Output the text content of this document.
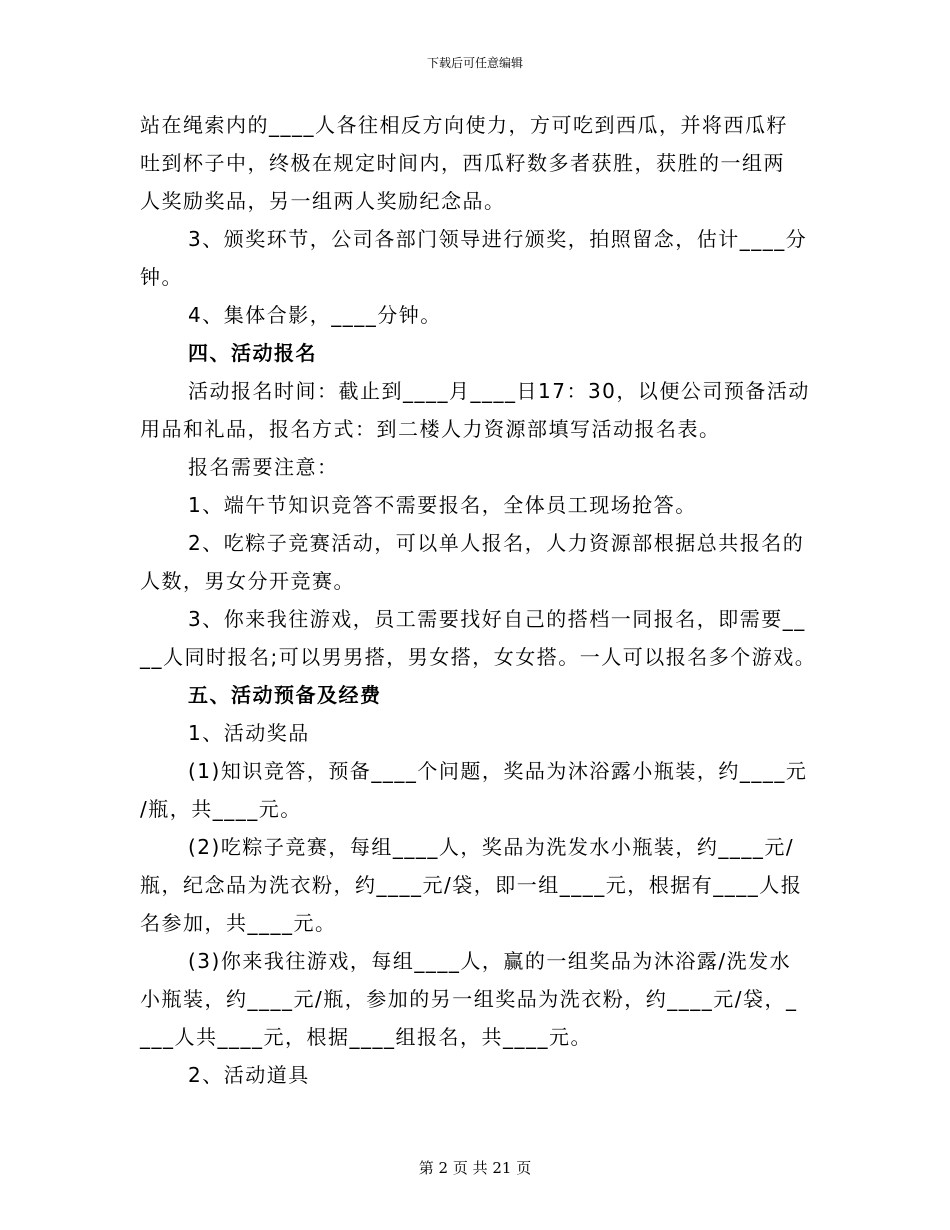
下载后可任意编辑

站在绳索内的____人各往相反方向使力，方可吃到西瓜，并将西瓜籽

吐到杯子中，终极在规定时间内，西瓜籽数多者获胜，获胜的一组两

人奖励奖品，另一组两人奖励纪念品。

3、颁奖环节，公司各部门领导进行颁奖，拍照留念，估计____分

钟。

4、集体合影，____分钟。

四、活动报名

活动报名时间：截止到____月____日17：30，以便公司预备活动

用品和礼品，报名方式：到二楼人力资源部填写活动报名表。

报名需要注意：

1、端午节知识竞答不需要报名，全体员工现场抢答。

2、吃粽子竞赛活动，可以单人报名，人力资源部根据总共报名的

人数，男女分开竞赛。

3、你来我往游戏，员工需要找好自己的搭档一同报名，即需要__

__人同时报名;可以男男搭，男女搭，女女搭。一人可以报名多个游戏。

五、活动预备及经费

1、活动奖品

(1)知识竞答，预备____个问题，奖品为沐浴露小瓶装，约____元

/瓶，共____元。

(2)吃粽子竞赛，每组____人，奖品为洗发水小瓶装，约____元/

瓶，纪念品为洗衣粉，约____元/袋，即一组____元，根据有____人报

名参加，共____元。

(3)你来我往游戏，每组____人，赢的一组奖品为沐浴露/洗发水

小瓶装，约____元/瓶，参加的另一组奖品为洗衣粉，约____元/袋，_

___人共____元，根据____组报名，共____元。

2、活动道具

第 2 页 共 21 页
